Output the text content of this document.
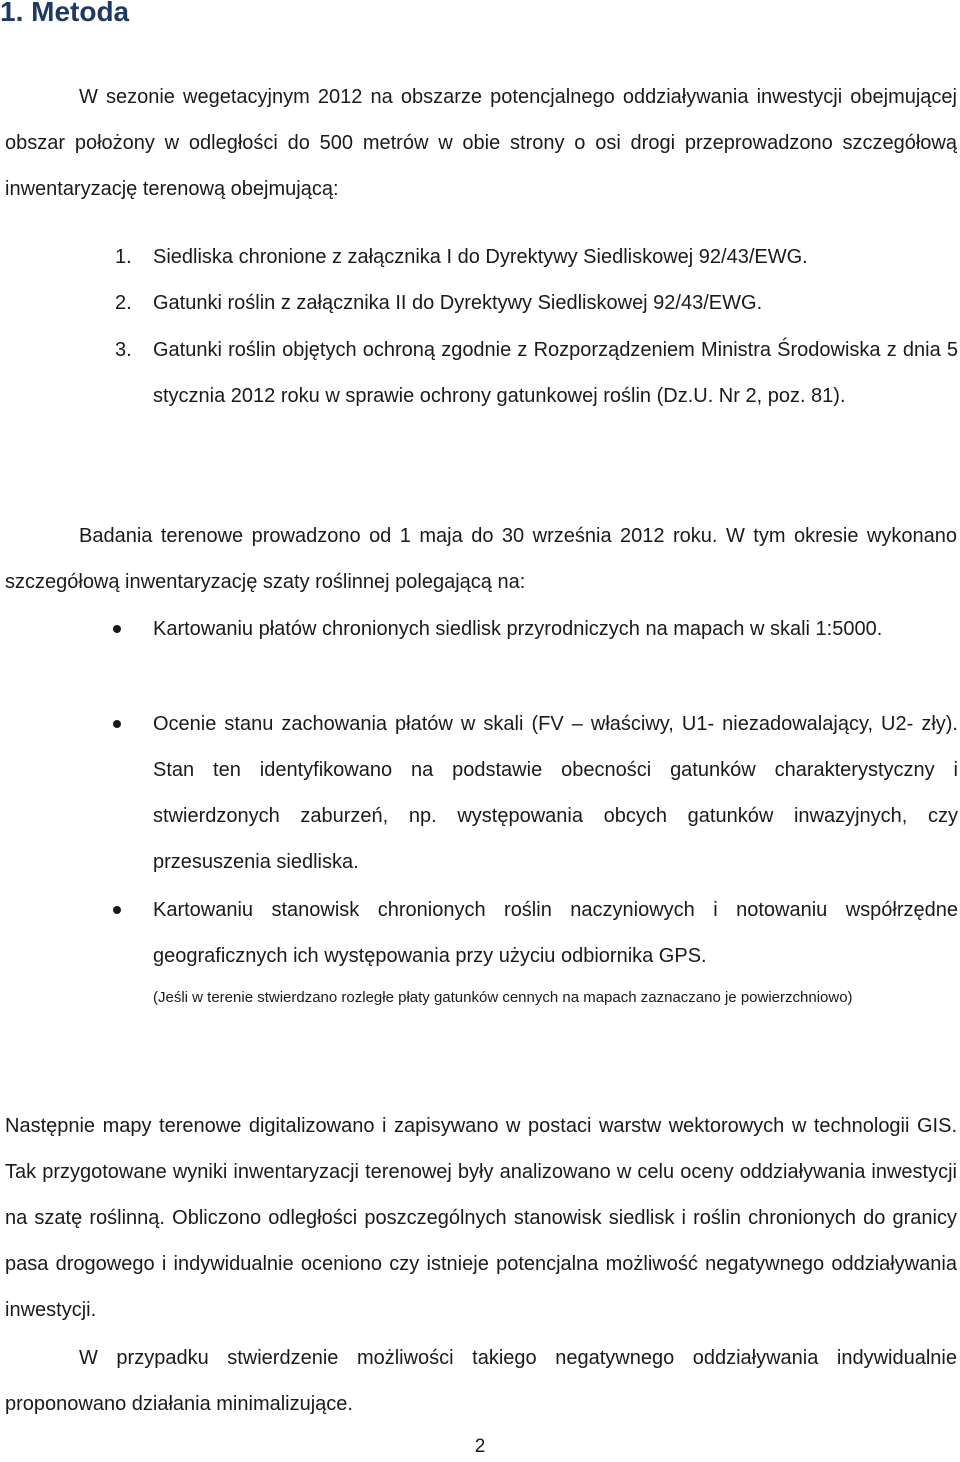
1. Metoda

W sezonie wegetacyjnym 2012 na obszarze potencjalnego oddziaływania inwestycji obejmującej obszar położony w odległości do 500 metrów w obie strony o osi drogi przeprowadzono szczegółową inwentaryzację terenową obejmującą:

1. Siedliska chronione z załącznika I do Dyrektywy Siedliskowej 92/43/EWG.
2. Gatunki roślin z załącznika II do Dyrektywy Siedliskowej 92/43/EWG.
3. Gatunki roślin objętych ochroną zgodnie z Rozporządzeniem Ministra Środowiska z dnia 5 stycznia 2012 roku w sprawie ochrony gatunkowej roślin (Dz.U. Nr 2, poz. 81).

Badania terenowe prowadzono od 1 maja do 30 września 2012 roku. W tym okresie wykonano szczegółową inwentaryzację szaty roślinnej polegającą na:

Kartowaniu płatów chronionych siedlisk przyrodniczych na mapach w skali 1:5000.
Ocenie stanu zachowania płatów w skali (FV – właściwy, U1- niezadowalający, U2- zły). Stan ten identyfikowano na podstawie obecności gatunków charakterystyczny i stwierdzonych zaburzeń, np. występowania obcych gatunków inwazyjnych, czy przesuszenia siedliska.
Kartowaniu stanowisk chronionych roślin naczyniowych i notowaniu współrzędne geograficznych ich występowania przy użyciu odbiornika GPS.

(Jeśli w terenie stwierdzano rozległe płaty gatunków cennych na mapach zaznaczano je powierzchniowo)

Następnie mapy terenowe digitalizowano i zapisywano w postaci warstw wektorowych w technologii GIS. Tak przygotowane wyniki inwentaryzacji terenowej były analizowano w celu oceny oddziaływania inwestycji na szatę roślinną. Obliczono odległości poszczególnych stanowisk siedlisk i roślin chronionych do granicy pasa drogowego i indywidualnie oceniono czy istnieje potencjalna możliwość negatywnego oddziaływania inwestycji.

W przypadku stwierdzenie możliwości takiego negatywnego oddziaływania indywidualnie proponowano działania minimalizujące.

2
